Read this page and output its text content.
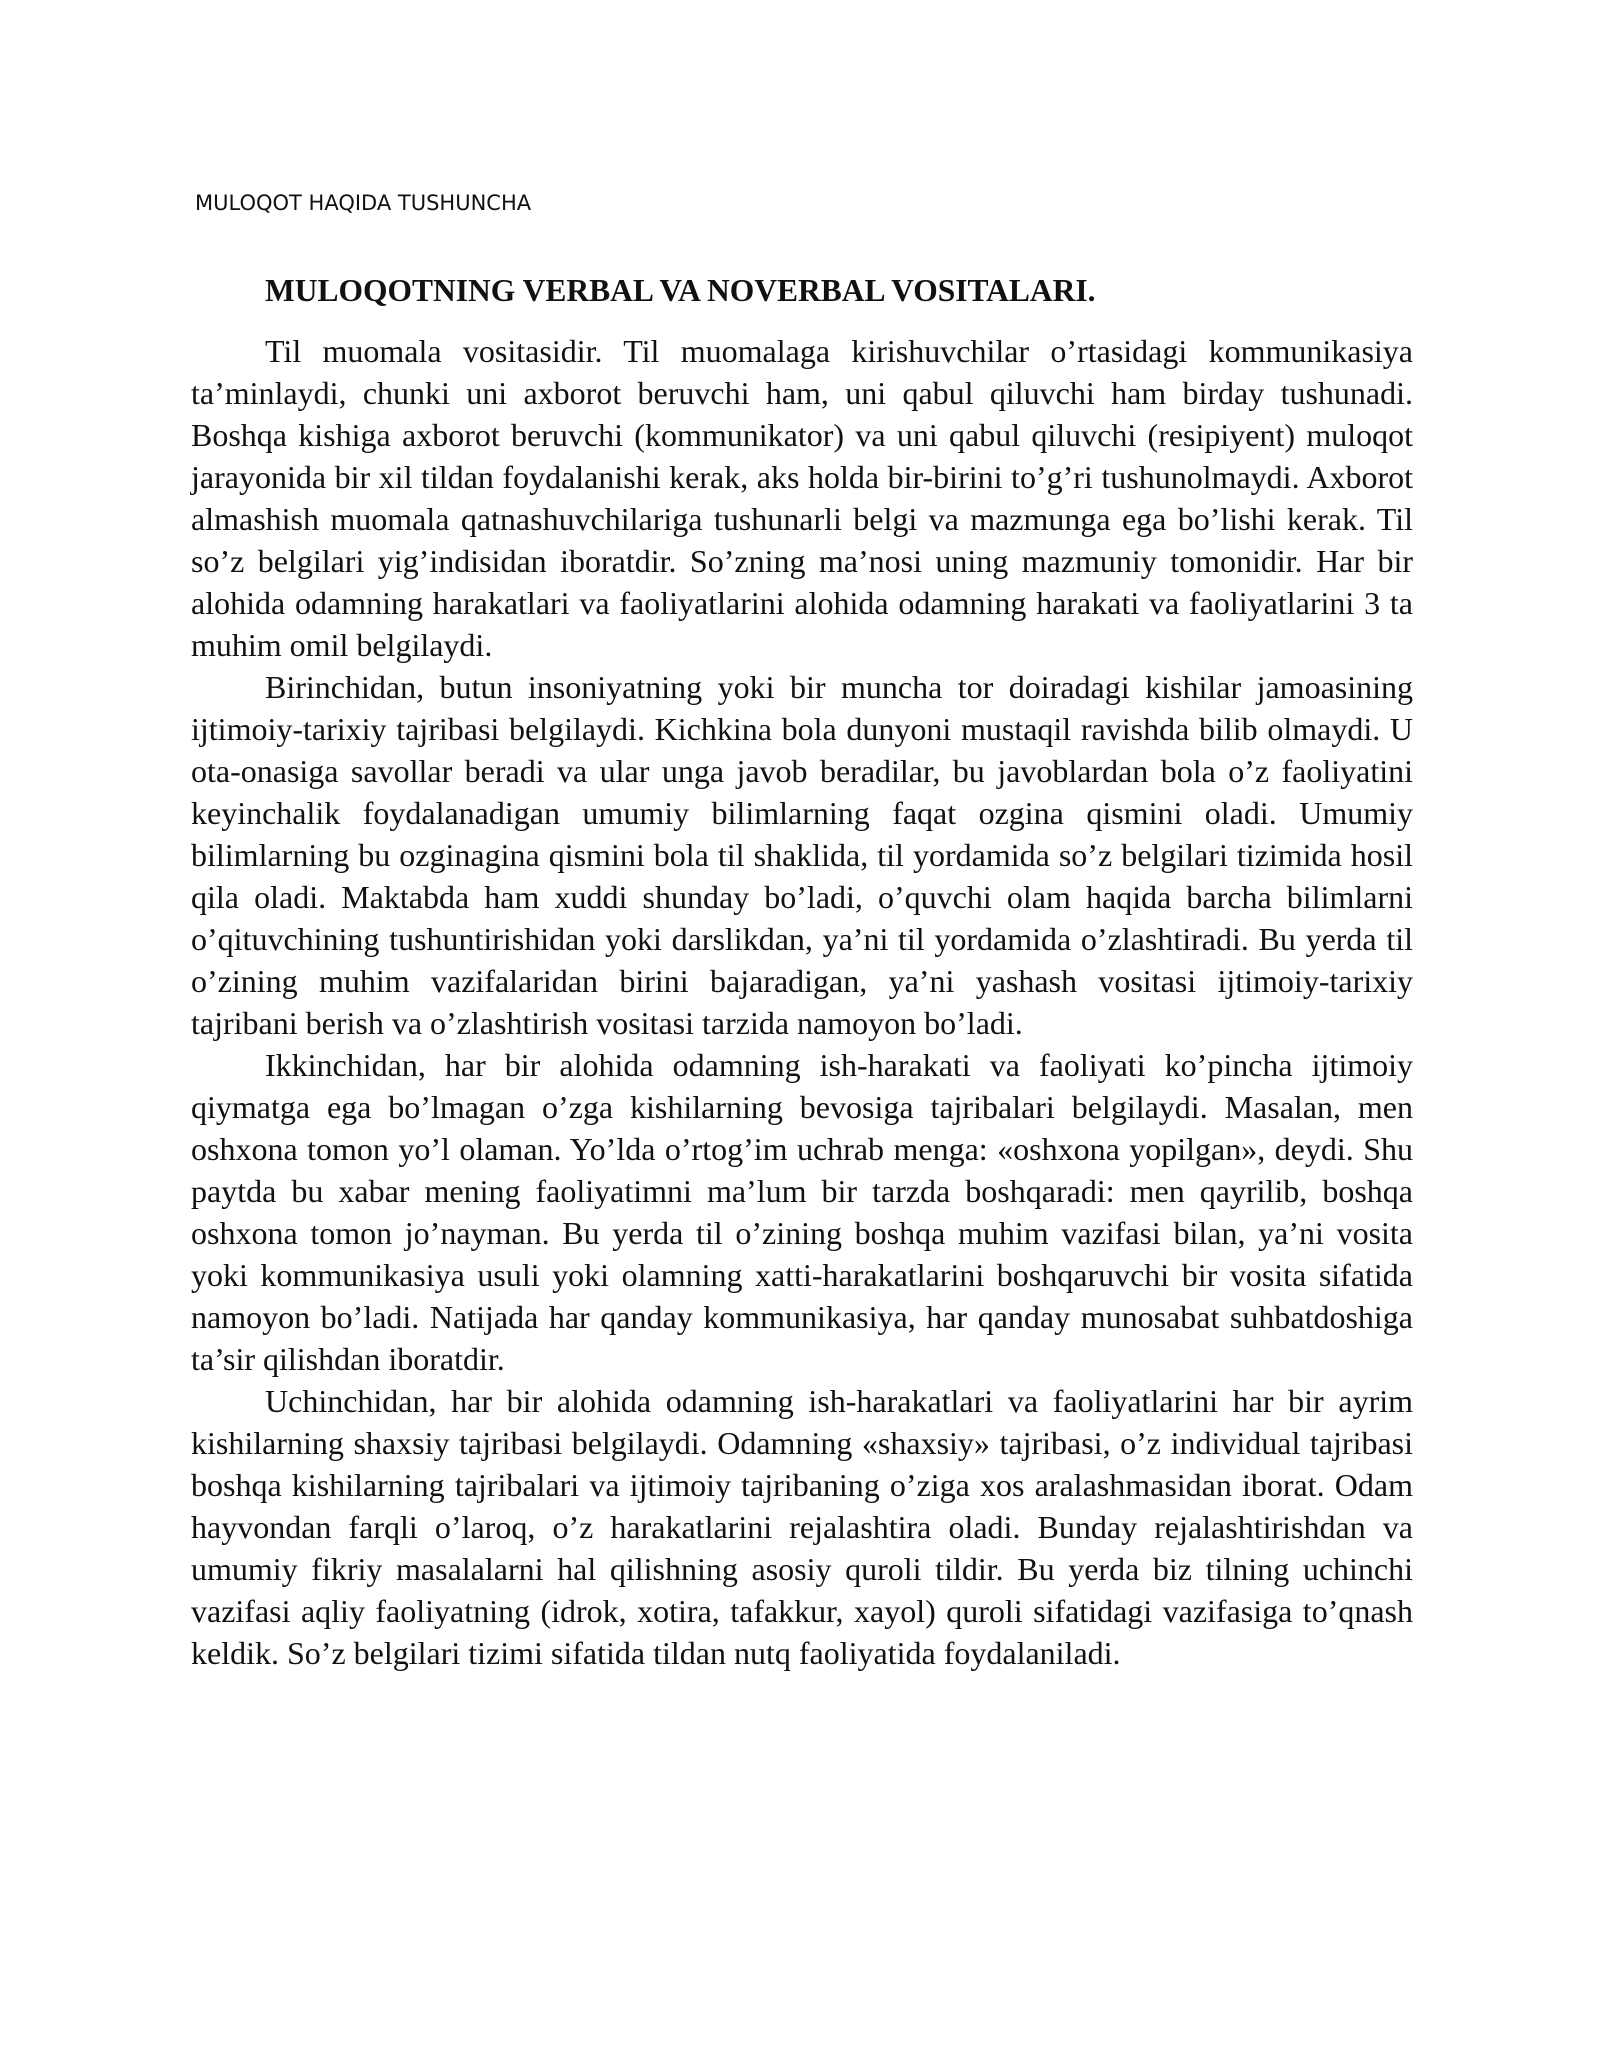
MULOQOT HAQIDA TUSHUNCHA
MULOQOTNING VERBAL VA NOVERBAL VOSITALARI.

Til muomala vositasidir. Til muomalaga kirishuvchilar o’rtasidagi kommunikasiya ta’minlaydi, chunki uni axborot beruvchi ham, uni qabul qiluvchi ham birday tushunadi. Boshqa kishiga axborot beruvchi (kommunikator) va uni qabul qiluvchi (resipiyent) muloqot jarayonida bir xil tildan foydalanishi kerak, aks holda bir-birini to’g’ri tushunolmaydi. Axborot almashish muomala qatnashuvchilariga tushunarli belgi va mazmunga ega bo’lishi kerak. Til so’z belgilari yig’indisidan iboratdir. So’zning ma’nosi uning mazmuniy tomonidir. Har bir alohida odamning harakatlari va faoliyatlarini alohida odamning harakati va faoliyatlarini 3 ta muhim omil belgilaydi.

Birinchidan, butun insoniyatning yoki bir muncha tor doiradagi kishilar jamoasining ijtimoiy-tarixiy tajribasi belgilaydi. Kichkina bola dunyoni mustaqil ravishda bilib olmaydi. U ota-onasiga savollar beradi va ular unga javob beradilar, bu javoblardan bola o’z faoliyatini keyinchalik foydalanadigan umumiy bilimlarning faqat ozgina qismini oladi. Umumiy bilimlarning bu ozginagina qismini bola til shaklida, til yordamida so’z belgilari tizimida hosil qila oladi. Maktabda ham xuddi shunday bo’ladi, o’quvchi olam haqida barcha bilimlarni o’qituvchining tushuntirishidan yoki darslikdan, ya’ni til yordamida o’zlashtiradi. Bu yerda til o’zining muhim vazifalaridan birini bajaradigan, ya’ni yashash vositasi ijtimoiy-tarixiy tajribani berish va o’zlashtirish vositasi tarzida namoyon bo’ladi.

Ikkinchidan, har bir alohida odamning ish-harakati va faoliyati ko’pincha ijtimoiy qiymatga ega bo’lmagan o’zga kishilarning bevosiga tajribalari belgilaydi. Masalan, men oshxona tomon yo’l olaman. Yo’lda o’rtog’im uchrab menga: «oshxona yopilgan», deydi. Shu paytda bu xabar mening faoliyatimni ma’lum bir tarzda boshqaradi: men qayrilib, boshqa oshxona tomon jo’nayman. Bu yerda til o’zining boshqa muhim vazifasi bilan, ya’ni vosita yoki kommunikasiya usuli yoki olamning xatti-harakatlarini boshqaruvchi bir vosita sifatida namoyon bo’ladi. Natijada har qanday kommunikasiya, har qanday munosabat suhbatdoshiga ta’sir qilishdan iboratdir.

Uchinchidan, har bir alohida odamning ish-harakatlari va faoliyatlarini har bir ayrim kishilarning shaxsiy tajribasi belgilaydi. Odamning «shaxsiy» tajribasi, o’z individual tajribasi boshqa kishilarning tajribalari va ijtimoiy tajribaning o’ziga xos aralashmasidan iborat. Odam hayvondan farqli o’laroq, o’z harakatlarini rejalashtira oladi. Bunday rejalashtirishdan va umumiy fikriy masalalarni hal qilishning asosiy quroli tildir. Bu yerda biz tilning uchinchi vazifasi aqliy faoliyatning (idrok, xotira, tafakkur, xayol) quroli sifatidagi vazifasiga to’qnash keldik. So’z belgilari tizimi sifatida tildan nutq faoliyatida foydalaniladi.
